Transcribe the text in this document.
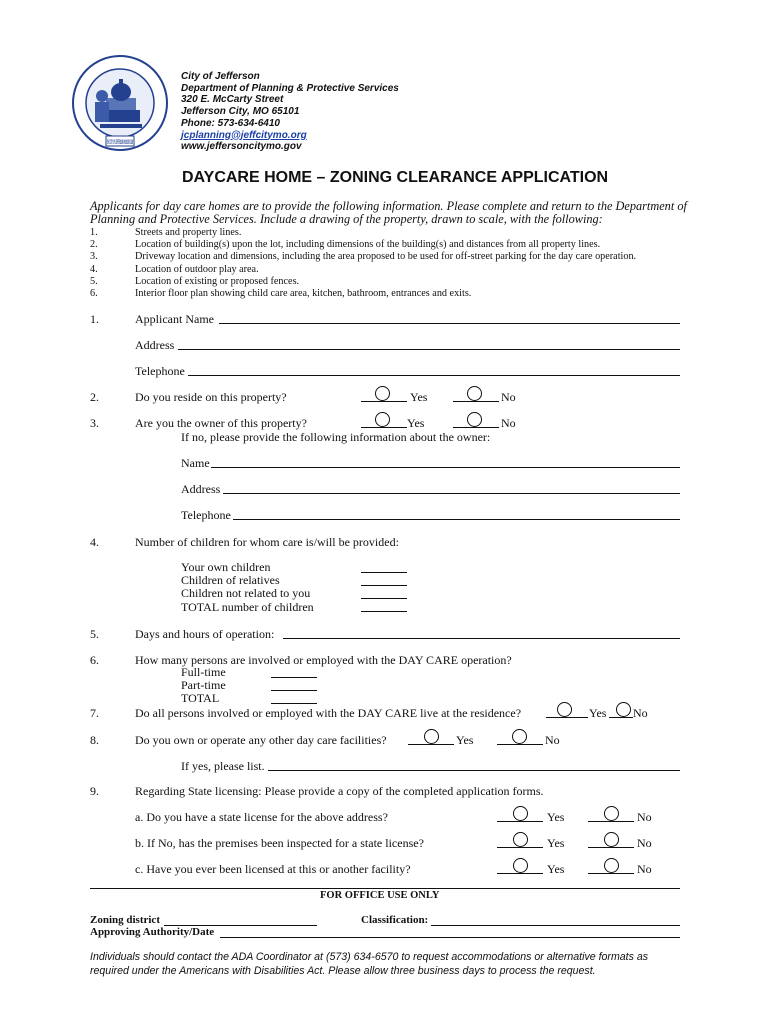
THE CITY OF JEFFERSON MISSOURI 1839
City of Jefferson
Department of Planning & Protective Services
320 E. McCarty Street
Jefferson City, MO 65101
Phone: 573-634-6410
jcplanning@jeffcitymo.org
www.jeffersoncitymo.gov
DAYCARE HOME – ZONING CLEARANCE APPLICATION
Applicants for day care homes are to provide the following information. Please complete and return to the Department of
Planning and Protective Services. Include a drawing of the property, drawn to scale, with the following:
1.	Streets and property lines.
2.	Location of building(s) upon the lot, including dimensions of the building(s) and distances from all property lines.
3.	Driveway location and dimensions, including the area proposed to be used for off-street parking for the day care operation.
4.	Location of outdoor play area.
5.	Location of existing or proposed fences.
6.	Interior floor plan showing child care area, kitchen, bathroom, entrances and exits.
1.	Applicant Name
Address
Telephone
2.	Do you reside on this property?	Yes	No
3.	Are you the owner of this property?	Yes	No
If no, please provide the following information about the owner:
Name
Address
Telephone
4.	Number of children for whom care is/will be provided:
Your own children
Children of relatives
Children not related to you
TOTAL number of children
5.	Days and hours of operation:
6.	How many persons are involved or employed with the DAY CARE operation?
Full-time
Part-time
TOTAL
7.	Do all persons involved or employed with the DAY CARE live at the residence?	Yes No
8.	Do you own or operate any other day care facilities?	Yes	No
If yes, please list.
9.	Regarding State licensing: Please provide a copy of the completed application forms.
a. Do you have a state license for the above address?	Yes	No
b. If No, has the premises been inspected for a state license?	Yes	No
c. Have you ever been licensed at this or another facility?	Yes	No
FOR OFFICE USE ONLY
Zoning district	Classification:
Approving Authority/Date
Individuals should contact the ADA Coordinator at (573) 634-6570 to request accommodations or alternative formats as
required under the Americans with Disabilities Act. Please allow three business days to process the request.
